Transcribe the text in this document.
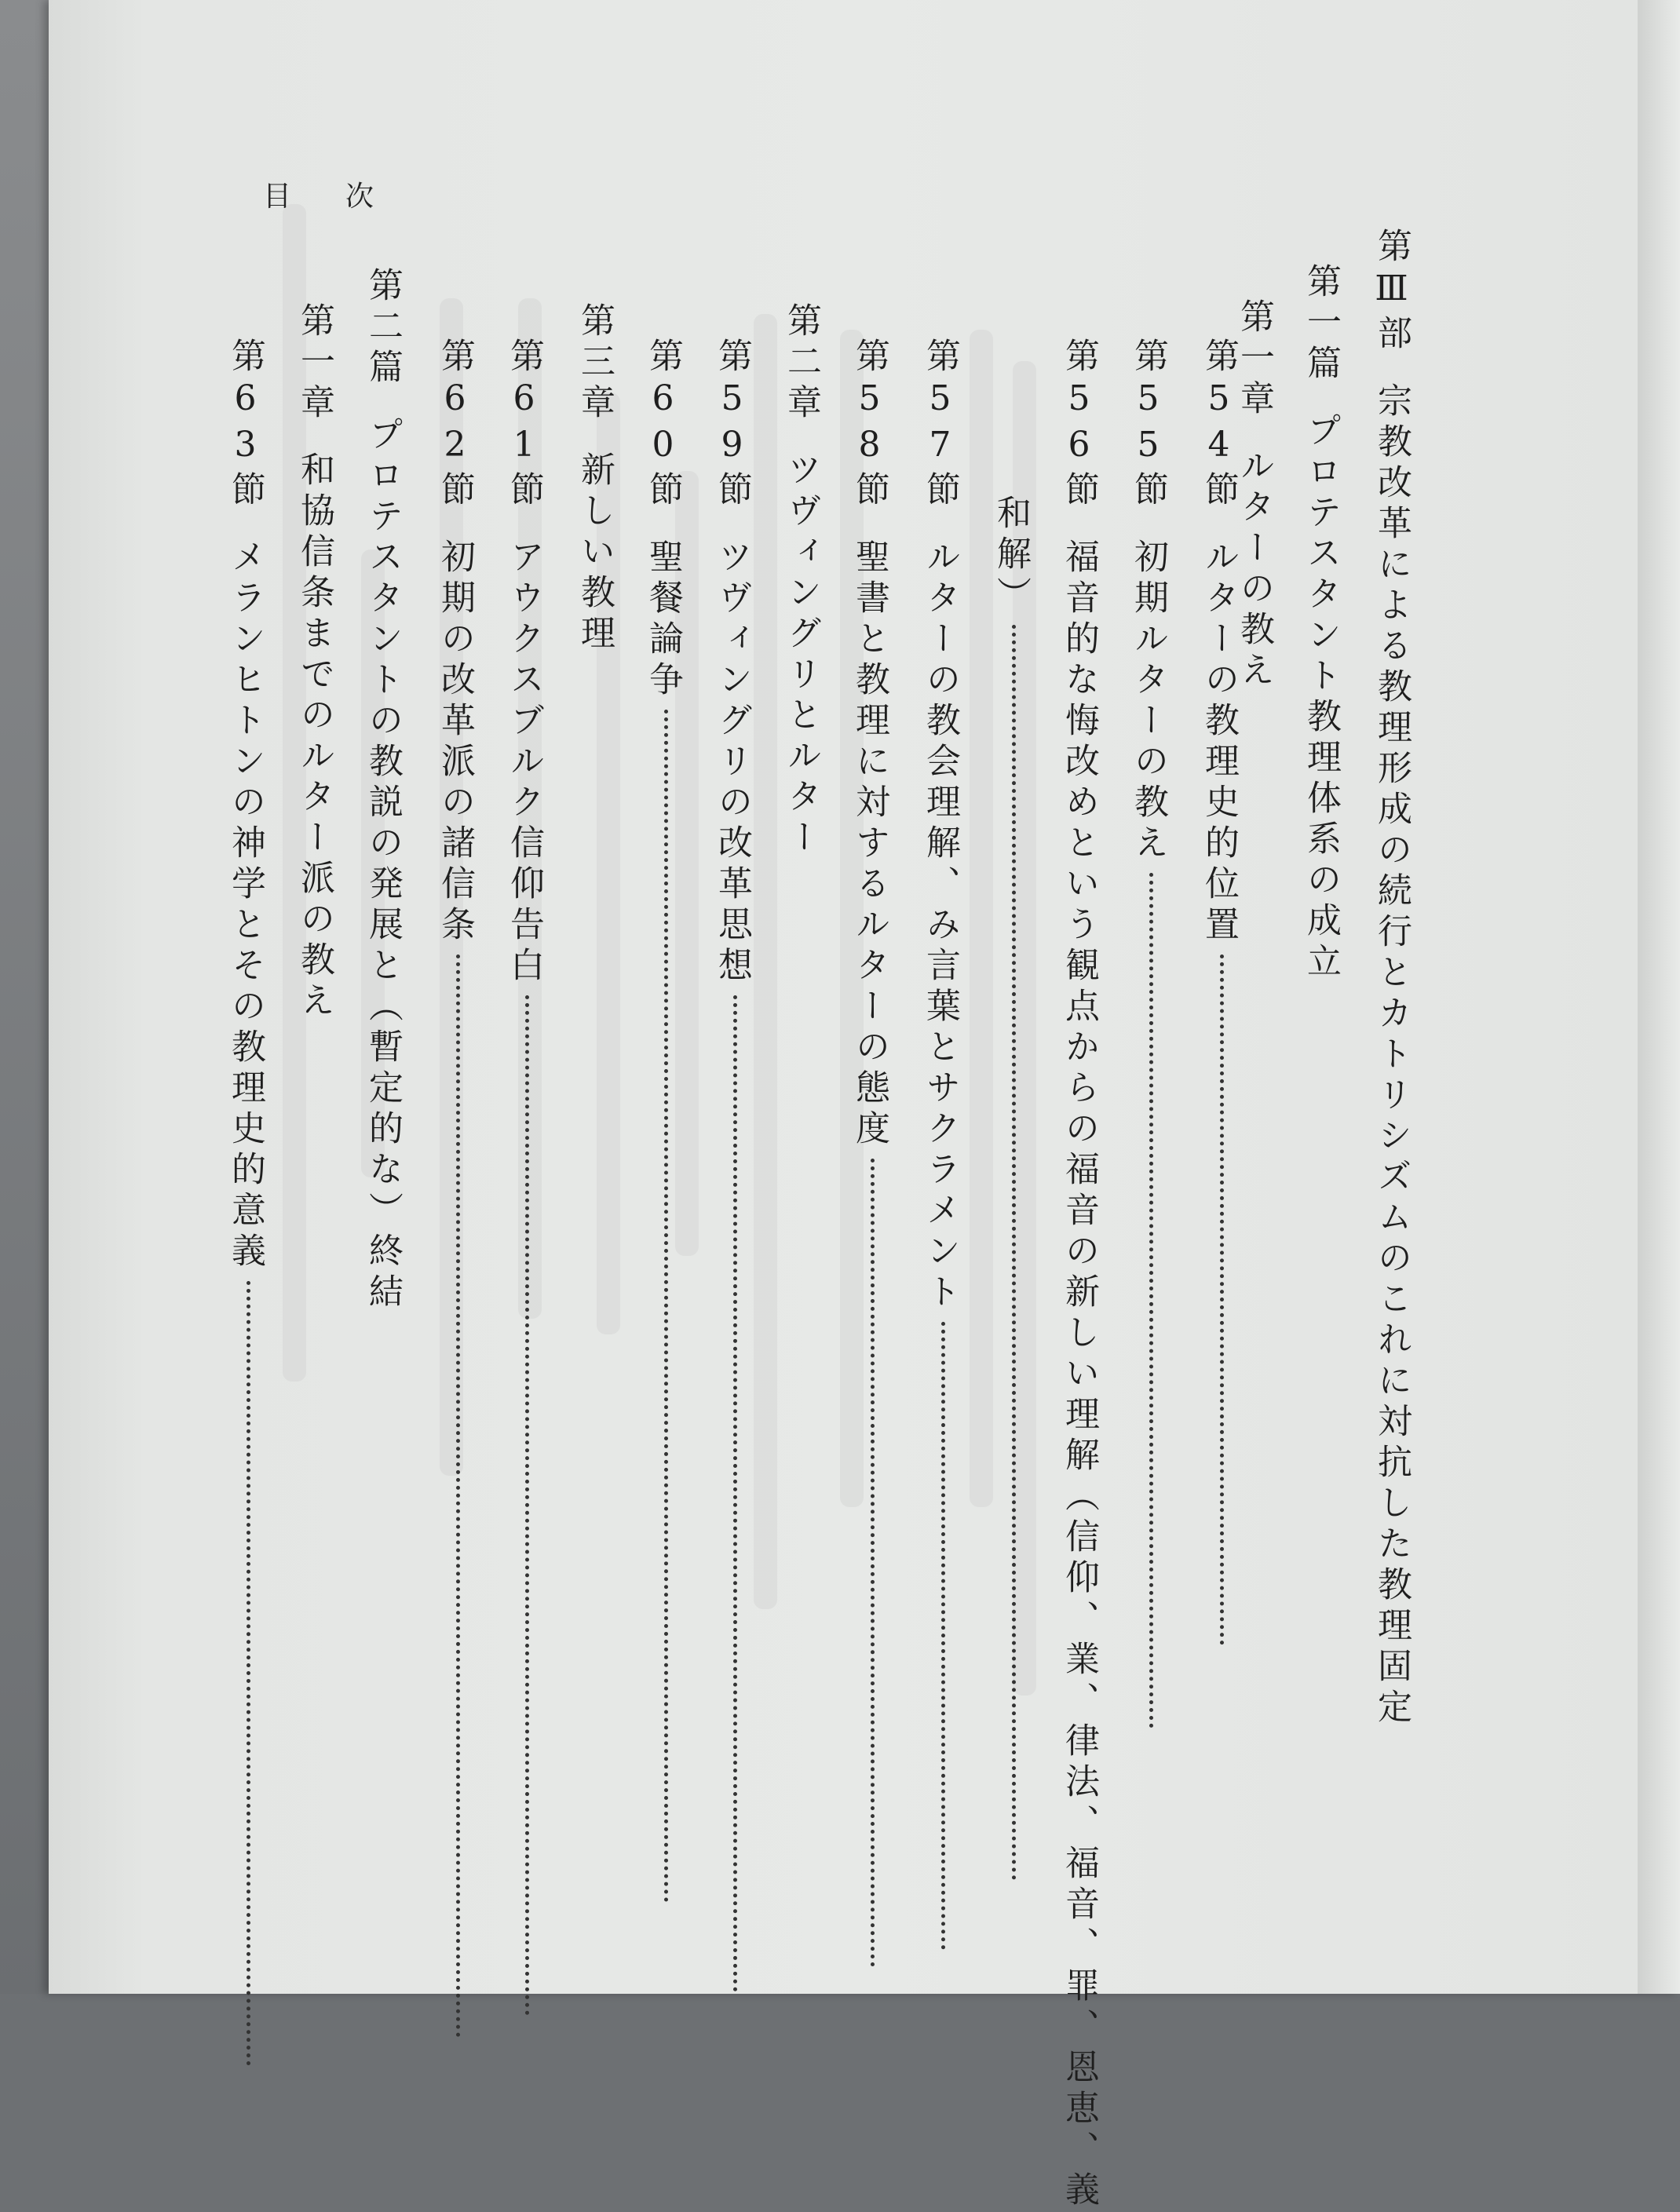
目 次
第Ⅲ部宗教改革による教理形成の続行とカトリシズムのこれに対抗した教理固定
第一篇プロテスタント教理体系の成立
第一章ルターの教え
第54節ルターの教理史的位置
第55節初期ルターの教え
第56節福音的な悔改めという観点からの福音の新しい理解（信仰、業、律法、福音、罪、恩恵、義
和解）
第57節ルターの教会理解、み言葉とサクラメント
第58節聖書と教理に対するルターの態度
第二章ツヴィングリとルター
第59節ツヴィングリの改革思想
第60節聖餐論争
第三章新しい教理
第61節アウクスブルク信仰告白
第62節初期の改革派の諸信条
第二篇プロテスタントの教説の発展と（暫定的な）終結
第一章和協信条までのルター派の教え
第63節メランヒトンの神学とその教理史的意義
